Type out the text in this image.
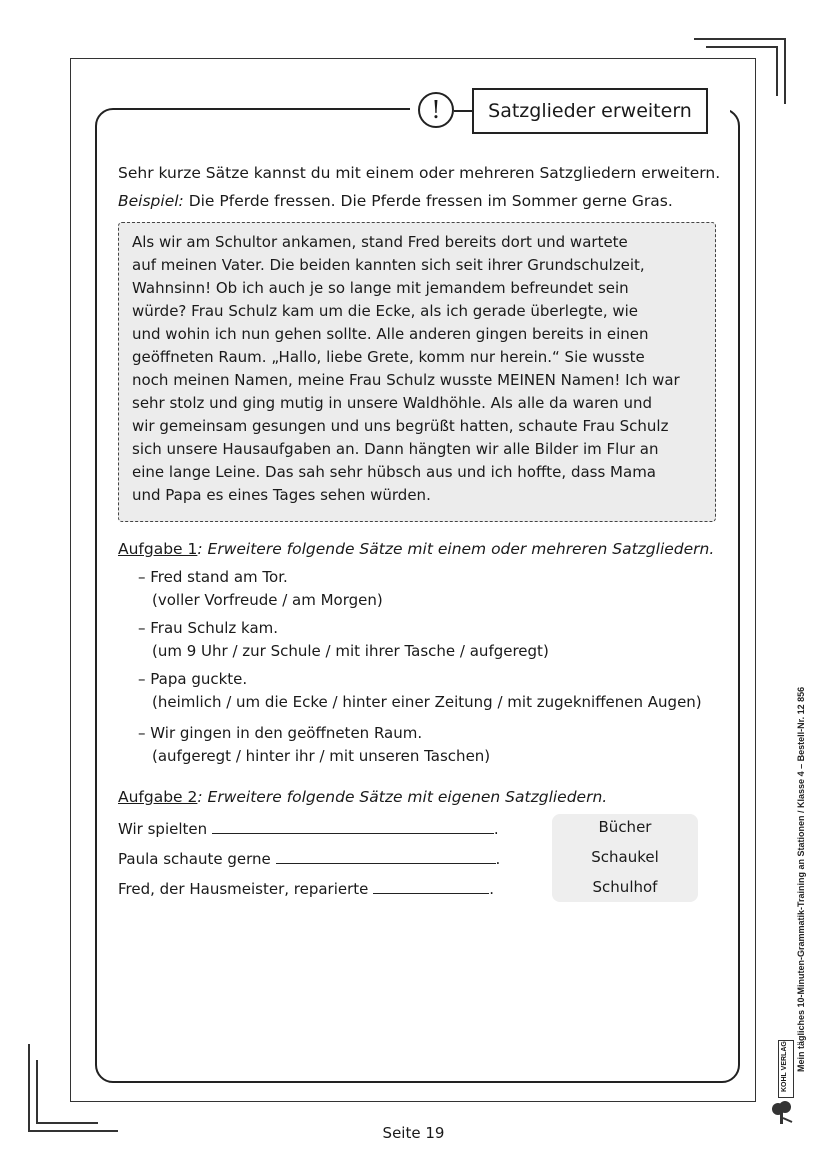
!	Satzglieder erweitern
Sehr kurze Sätze kannst du mit einem oder mehreren Satzgliedern erweitern.
Beispiel: Die Pferde fressen. Die Pferde fressen im Sommer gerne Gras.
Als wir am Schultor ankamen, stand Fred bereits dort und wartete
auf meinen Vater. Die beiden kannten sich seit ihrer Grundschulzeit,
Wahnsinn! Ob ich auch je so lange mit jemandem befreundet sein
würde? Frau Schulz kam um die Ecke, als ich gerade überlegte, wie
und wohin ich nun gehen sollte. Alle anderen gingen bereits in einen
geöffneten Raum. „Hallo, liebe Grete, komm nur herein.“ Sie wusste
noch meinen Namen, meine Frau Schulz wusste MEINEN Namen! Ich war
sehr stolz und ging mutig in unsere Waldhöhle. Als alle da waren und
wir gemeinsam gesungen und uns begrüßt hatten, schaute Frau Schulz
sich unsere Hausaufgaben an. Dann hängten wir alle Bilder im Flur an
eine lange Leine. Das sah sehr hübsch aus und ich hoffte, dass Mama
und Papa es eines Tages sehen würden.
Aufgabe 1: Erweitere folgende Sätze mit einem oder mehreren Satzgliedern.
– Fred stand am Tor.
(voller Vorfreude / am Morgen)
– Frau Schulz kam.
(um 9 Uhr / zur Schule / mit ihrer Tasche / aufgeregt)
– Papa guckte.
(heimlich / um die Ecke / hinter einer Zeitung / mit zugekniffenen Augen)
– Wir gingen in den geöffneten Raum.
(aufgeregt / hinter ihr / mit unseren Taschen)
Aufgabe 2: Erweitere folgende Sätze mit eigenen Satzgliedern.
Wir spielten	.
Paula schaute gerne	.
Fred, der Hausmeister, reparierte	.
Bücher
Schaukel
Schulhof
Seite 19
Mein tägliches 10-Minuten-Grammatik-Training an Stationen / Klasse 4 – Bestell-Nr. 12 856
KOHL VERLAG
